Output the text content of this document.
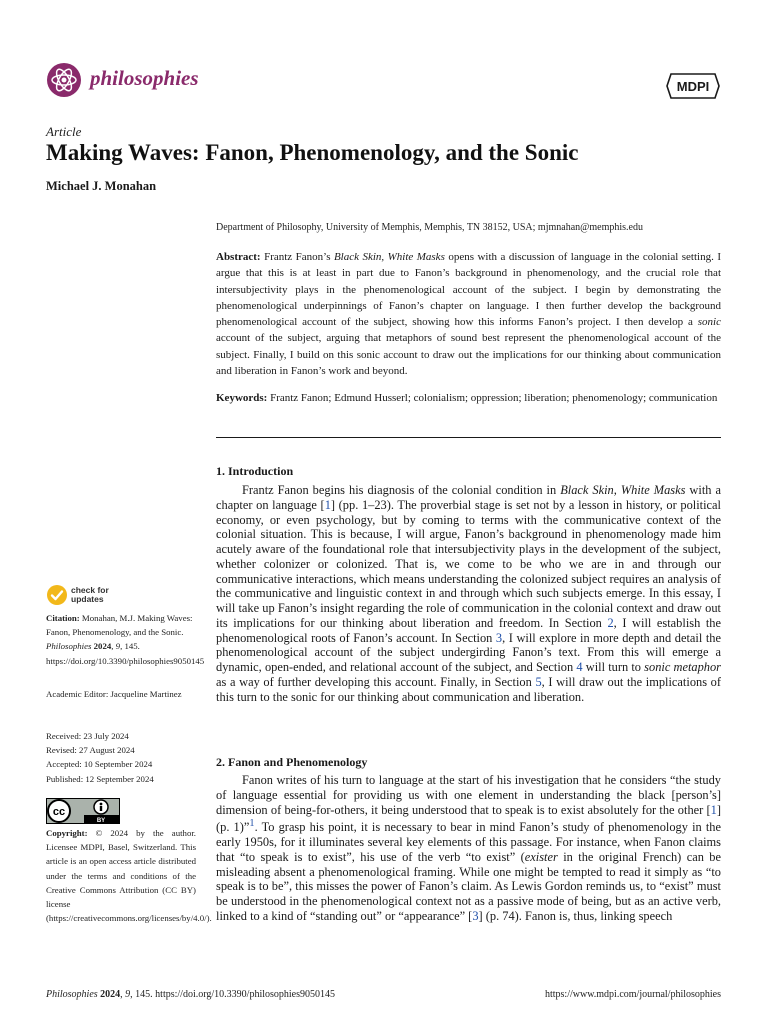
philosophies	MDPI
Article
Making Waves: Fanon, Phenomenology, and the Sonic
Michael J. Monahan
Department of Philosophy, University of Memphis, Memphis, TN 38152, USA; mjmnahan@memphis.edu
Abstract: Frantz Fanon’s Black Skin, White Masks opens with a discussion of language in the colonial setting. I argue that this is at least in part due to Fanon’s background in phenomenology, and the crucial role that intersubjectivity plays in the phenomenological account of the subject. I begin by demonstrating the phenomenological underpinnings of Fanon’s chapter on language. I then further develop the background phenomenological account of the subject, showing how this informs Fanon’s project. I then develop a sonic account of the subject, arguing that metaphors of sound best represent the phenomenological account of the subject. Finally, I build on this sonic account to draw out the implications for our thinking about communication and liberation in Fanon’s work and beyond.
Keywords: Frantz Fanon; Edmund Husserl; colonialism; oppression; liberation; phenomenology; communication
check for
updates
Citation: Monahan, M.J. Making Waves: Fanon, Phenomenology, and the Sonic. Philosophies 2024, 9, 145. https://doi.org/10.3390/philosophies9050145
Academic Editor: Jacqueline Martinez

Received: 23 July 2024

Revised: 27 August 2024

Accepted: 10 September 2024

Published: 12 September 2024

cc
BY
Copyright: © 2024 by the author. Licensee MDPI, Basel, Switzerland. This article is an open access article distributed under the terms and conditions of the Creative Commons Attribution (CC BY) license (https://creativecommons.org/licenses/by/4.0/).
1. Introduction

Frantz Fanon begins his diagnosis of the colonial condition in Black Skin, White Masks with a chapter on language [1] (pp. 1–23). The proverbial stage is set not by a lesson in history, or political economy, or even psychology, but by coming to terms with the communicative context of the colonial situation. This is because, I will argue, Fanon’s background in phenomenology made him acutely aware of the foundational role that intersubjectivity plays in the development of the subject, whether colonizer or colonized. That is, we come to be who we are in and through our communicative interactions, which means understanding the colonized subject requires an analysis of the communicative and linguistic context in and through which such subjects emerge. In this essay, I will take up Fanon’s insight regarding the role of communication in the colonial context and draw out its implications for our thinking about liberation and freedom. In Section 2, I will establish the phenomenological roots of Fanon’s account. In Section 3, I will explore in more depth and detail the phenomenological account of the subject undergirding Fanon’s text. From this will emerge a dynamic, open-ended, and relational account of the subject, and Section 4 will turn to sonic metaphor as a way of further developing this account. Finally, in Section 5, I will draw out the implications of this turn to the sonic for our thinking about communication and liberation.

2. Fanon and Phenomenology

Fanon writes of his turn to language at the start of his investigation that he considers “the study of language essential for providing us with one element in understanding the black [person’s] dimension of being-for-others, it being understood that to speak is to exist absolutely for the other [1] (p. 1)”$^1$. To grasp his point, it is necessary to bear in mind Fanon’s study of phenomenology in the early 1950s, for it illuminates several key elements of this passage. For instance, when Fanon claims that “to speak is to exist”, his use of the verb “to exist” (exister in the original French) can be misleading absent a phenomenological framing. While one might be tempted to read it simply as “to speak is to be”, this misses the power of Fanon’s claim. As Lewis Gordon reminds us, to “exist” must be understood in the phenomenological context not as a passive mode of being, but as an active verb, linked to a kind of “standing out” or “appearance” [3] (p. 74). Fanon is, thus, linking speech

Philosophies 2024, 9, 145. https://doi.org/10.3390/philosophies9050145	https://www.mdpi.com/journal/philosophies
